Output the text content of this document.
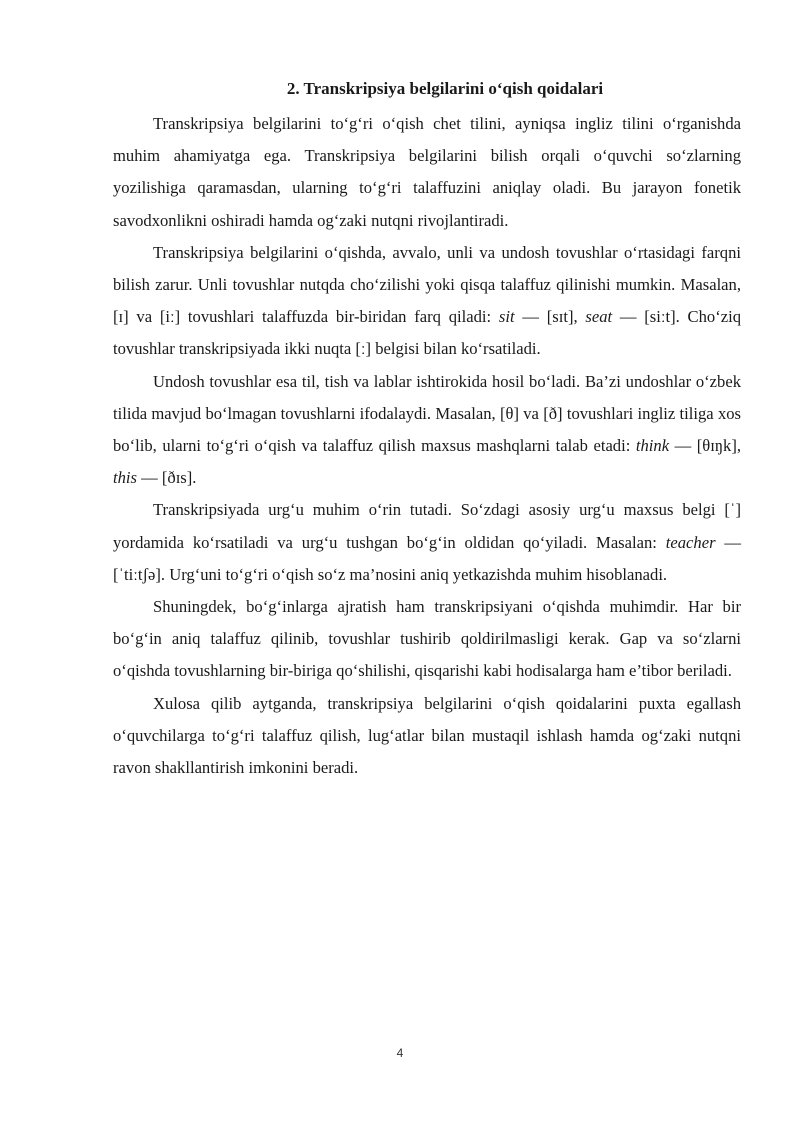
2. Transkripsiya belgilarini o‘qish qoidalari

Transkripsiya belgilarini to‘g‘ri o‘qish chet tilini, ayniqsa ingliz tilini o‘rganishda muhim ahamiyatga ega. Transkripsiya belgilarini bilish orqali o‘quvchi so‘zlarning yozilishiga qaramasdan, ularning to‘g‘ri talaffuzini aniqlay oladi. Bu jarayon fonetik savodxonlikni oshiradi hamda og‘zaki nutqni rivojlantiradi.

Transkripsiya belgilarini o‘qishda, avvalo, unli va undosh tovushlar o‘rtasidagi farqni bilish zarur. Unli tovushlar nutqda cho‘zilishi yoki qisqa talaffuz qilinishi mumkin. Masalan, [ɪ] va [iː] tovushlari talaffuzda bir-biridan farq qiladi: sit — [sɪt], seat — [siːt]. Cho‘ziq tovushlar transkripsiyada ikki nuqta [ː] belgisi bilan ko‘rsatiladi.

Undosh tovushlar esa til, tish va lablar ishtirokida hosil bo‘ladi. Ba’zi undoshlar o‘zbek tilida mavjud bo‘lmagan tovushlarni ifodalaydi. Masalan, [θ] va [ð] tovushlari ingliz tiliga xos bo‘lib, ularni to‘g‘ri o‘qish va talaffuz qilish maxsus mashqlarni talab etadi: think — [θɪŋk], this — [ðɪs].

Transkripsiyada urg‘u muhim o‘rin tutadi. So‘zdagi asosiy urg‘u maxsus belgi [ˈ] yordamida ko‘rsatiladi va urg‘u tushgan bo‘g‘in oldidan qo‘yiladi. Masalan: teacher — [ˈtiːtʃə]. Urg‘uni to‘g‘ri o‘qish so‘z ma’nosini aniq yetkazishda muhim hisoblanadi.

Shuningdek, bo‘g‘inlarga ajratish ham transkripsiyani o‘qishda muhimdir. Har bir bo‘g‘in aniq talaffuz qilinib, tovushlar tushirib qoldirilmasligi kerak. Gap va so‘zlarni o‘qishda tovushlarning bir-biriga qo‘shilishi, qisqarishi kabi hodisalarga ham e’tibor beriladi.

Xulosa qilib aytganda, transkripsiya belgilarini o‘qish qoidalarini puxta egallash o‘quvchilarga to‘g‘ri talaffuz qilish, lug‘atlar bilan mustaqil ishlash hamda og‘zaki nutqni ravon shakllantirish imkonini beradi.

4
